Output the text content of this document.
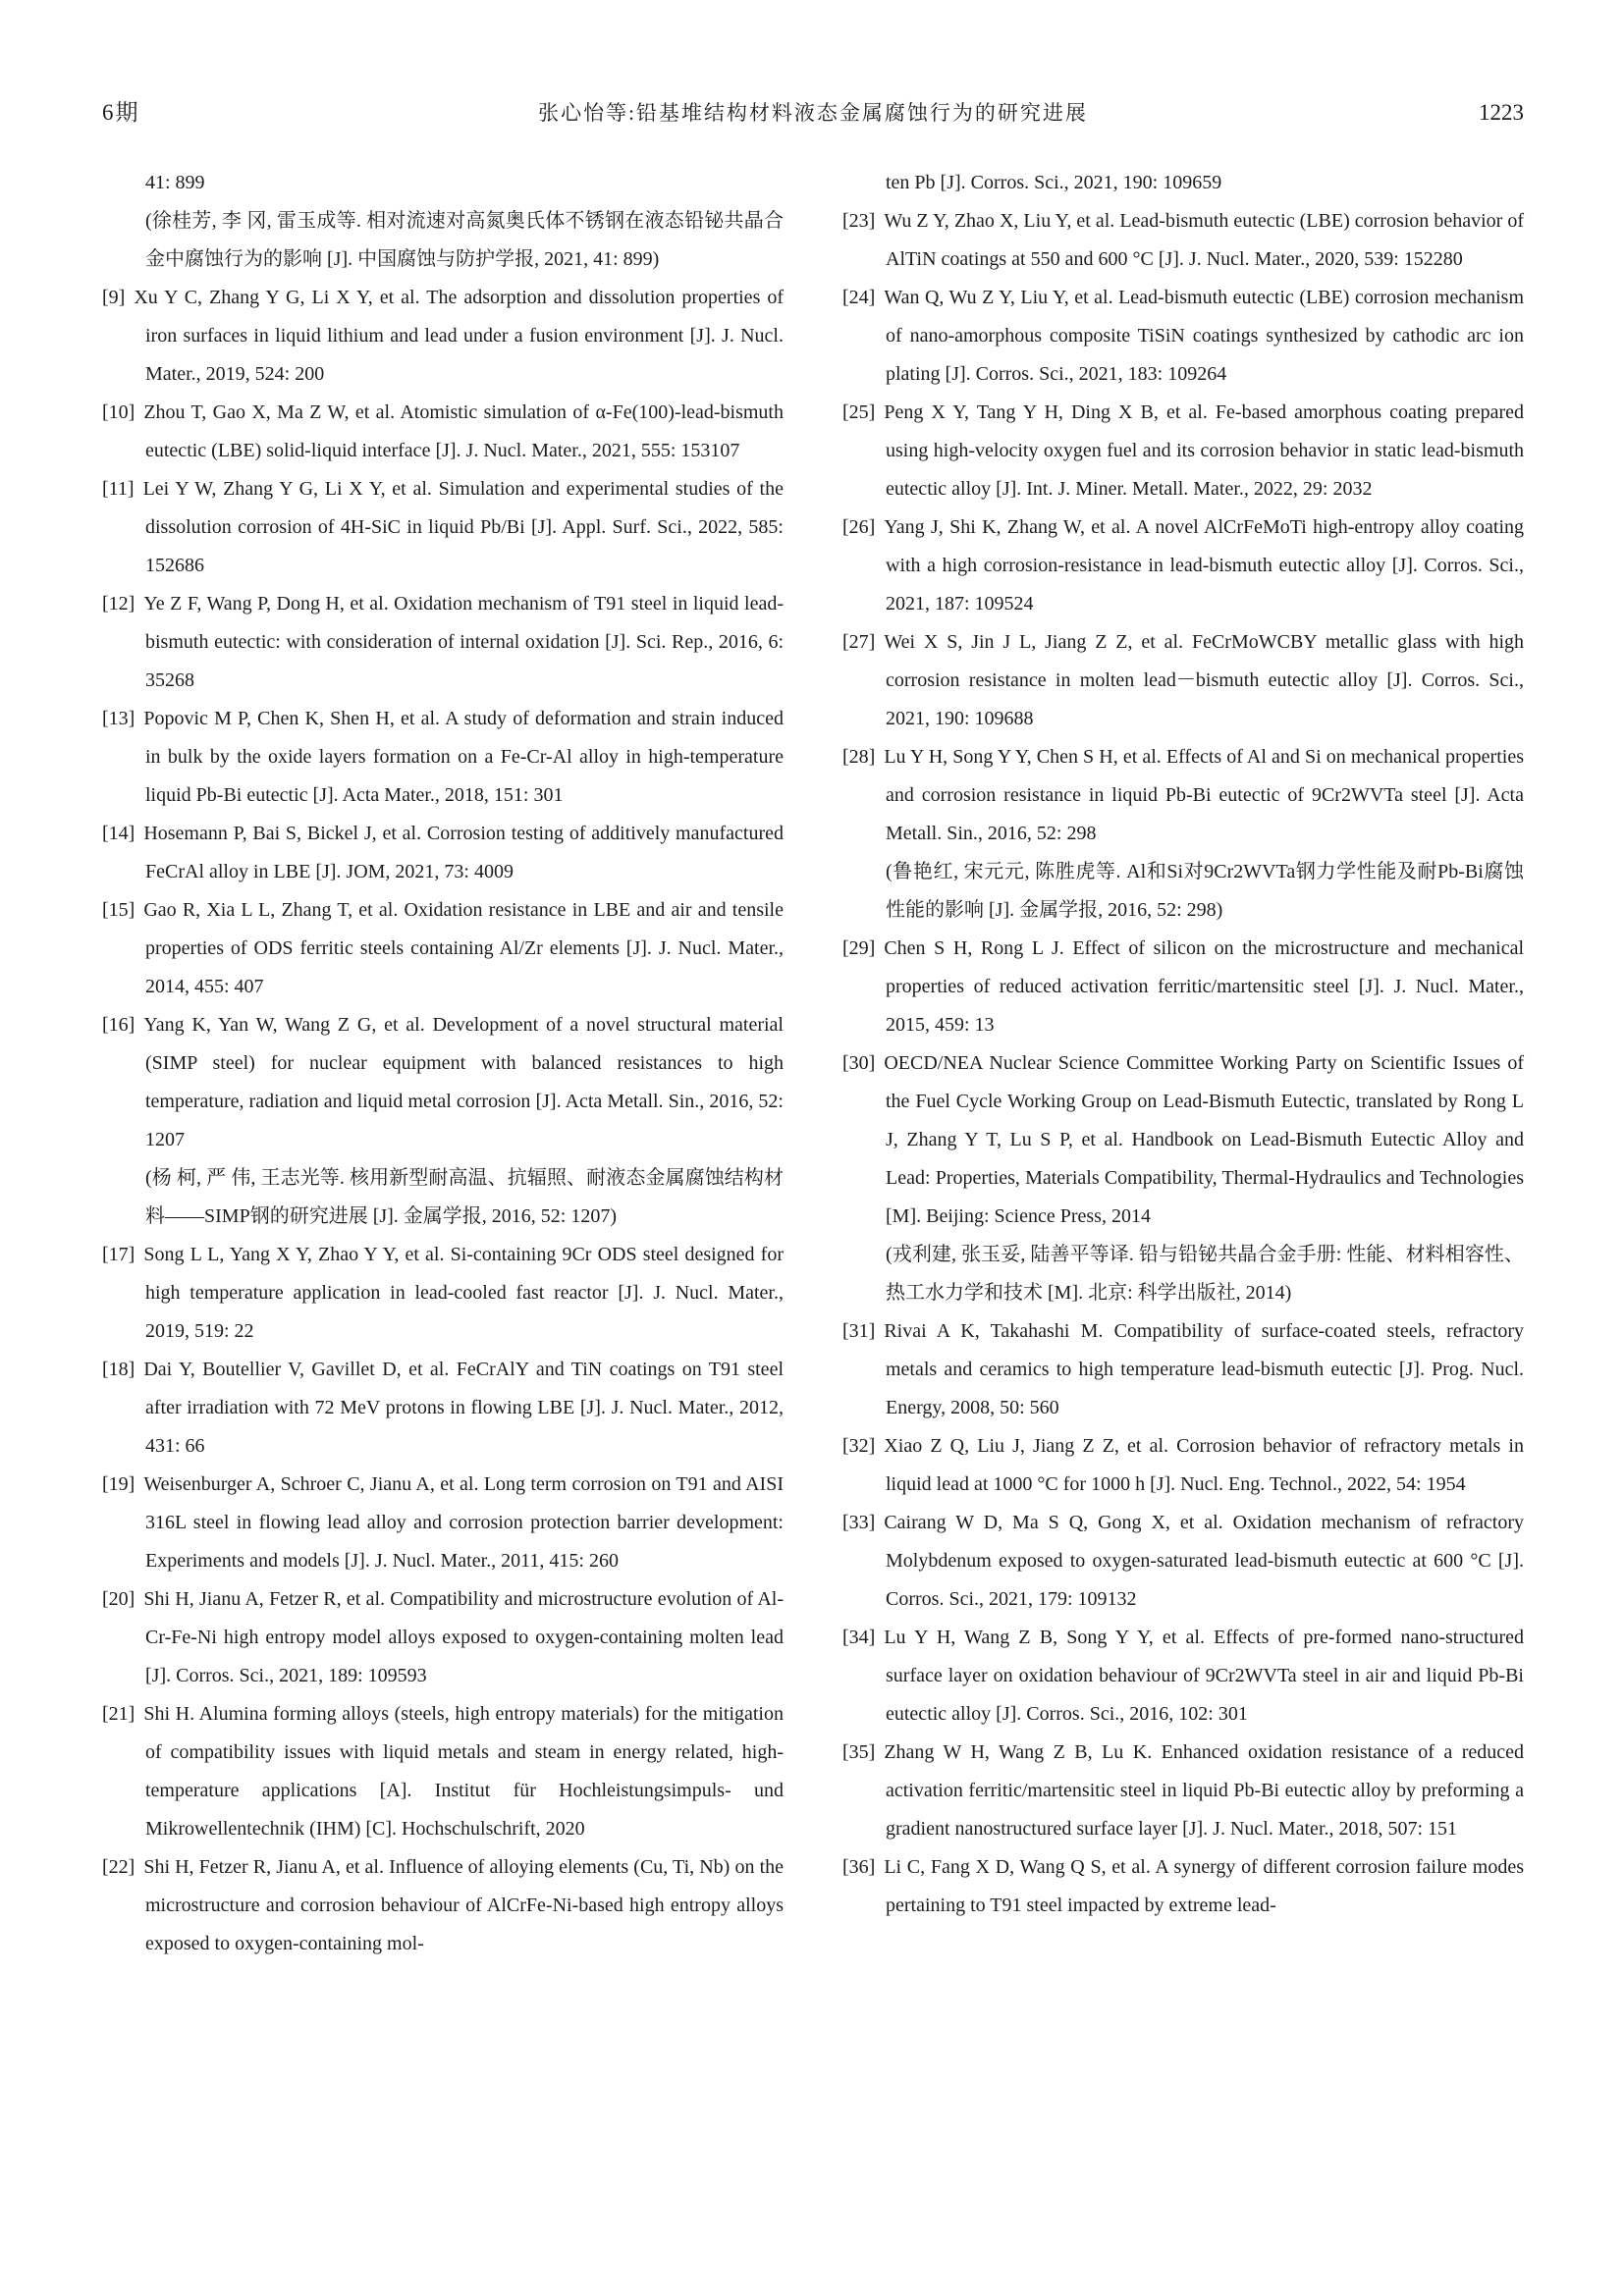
6期	张心怡等:铅基堆结构材料液态金属腐蚀行为的研究进展	1223

41: 899

(徐桂芳, 李 冈, 雷玉成等. 相对流速对高氮奥氏体不锈钢在液态铅铋共晶合金中腐蚀行为的影响 [J]. 中国腐蚀与防护学报, 2021, 41: 899)

[9] Xu Y C, Zhang Y G, Li X Y, et al. The adsorption and dissolution properties of iron surfaces in liquid lithium and lead under a fusion environment [J]. J. Nucl. Mater., 2019, 524: 200

[10] Zhou T, Gao X, Ma Z W, et al. Atomistic simulation of α-Fe(100)-lead-bismuth eutectic (LBE) solid-liquid interface [J]. J. Nucl. Mater., 2021, 555: 153107

[11] Lei Y W, Zhang Y G, Li X Y, et al. Simulation and experimental studies of the dissolution corrosion of 4H-SiC in liquid Pb/Bi [J]. Appl. Surf. Sci., 2022, 585: 152686

[12] Ye Z F, Wang P, Dong H, et al. Oxidation mechanism of T91 steel in liquid lead-bismuth eutectic: with consideration of internal oxidation [J]. Sci. Rep., 2016, 6: 35268

[13] Popovic M P, Chen K, Shen H, et al. A study of deformation and strain induced in bulk by the oxide layers formation on a Fe-Cr-Al alloy in high-temperature liquid Pb-Bi eutectic [J]. Acta Mater., 2018, 151: 301

[14] Hosemann P, Bai S, Bickel J, et al. Corrosion testing of additively manufactured FeCrAl alloy in LBE [J]. JOM, 2021, 73: 4009

[15] Gao R, Xia L L, Zhang T, et al. Oxidation resistance in LBE and air and tensile properties of ODS ferritic steels containing Al/Zr elements [J]. J. Nucl. Mater., 2014, 455: 407

[16] Yang K, Yan W, Wang Z G, et al. Development of a novel structural material (SIMP steel) for nuclear equipment with balanced resistances to high temperature, radiation and liquid metal corrosion [J]. Acta Metall. Sin., 2016, 52: 1207

(杨 柯, 严 伟, 王志光等. 核用新型耐高温、抗辐照、耐液态金属腐蚀结构材料——SIMP钢的研究进展 [J]. 金属学报, 2016, 52: 1207)

[17] Song L L, Yang X Y, Zhao Y Y, et al. Si-containing 9Cr ODS steel designed for high temperature application in lead-cooled fast reactor [J]. J. Nucl. Mater., 2019, 519: 22

[18] Dai Y, Boutellier V, Gavillet D, et al. FeCrAlY and TiN coatings on T91 steel after irradiation with 72 MeV protons in flowing LBE [J]. J. Nucl. Mater., 2012, 431: 66

[19] Weisenburger A, Schroer C, Jianu A, et al. Long term corrosion on T91 and AISI 316L steel in flowing lead alloy and corrosion protection barrier development: Experiments and models [J]. J. Nucl. Mater., 2011, 415: 260

[20] Shi H, Jianu A, Fetzer R, et al. Compatibility and microstructure evolution of Al-Cr-Fe-Ni high entropy model alloys exposed to oxygen-containing molten lead [J]. Corros. Sci., 2021, 189: 109593

[21] Shi H. Alumina forming alloys (steels, high entropy materials) for the mitigation of compatibility issues with liquid metals and steam in energy related, high-temperature applications [A]. Institut für Hochleistungsimpuls- und Mikrowellentechnik (IHM) [C]. Hochschulschrift, 2020

[22] Shi H, Fetzer R, Jianu A, et al. Influence of alloying elements (Cu, Ti, Nb) on the microstructure and corrosion behaviour of AlCrFe-Ni-based high entropy alloys exposed to oxygen-containing mol-

ten Pb [J]. Corros. Sci., 2021, 190: 109659

[23] Wu Z Y, Zhao X, Liu Y, et al. Lead-bismuth eutectic (LBE) corrosion behavior of AlTiN coatings at 550 and 600 °C [J]. J. Nucl. Mater., 2020, 539: 152280

[24] Wan Q, Wu Z Y, Liu Y, et al. Lead-bismuth eutectic (LBE) corrosion mechanism of nano-amorphous composite TiSiN coatings synthesized by cathodic arc ion plating [J]. Corros. Sci., 2021, 183: 109264

[25] Peng X Y, Tang Y H, Ding X B, et al. Fe-based amorphous coating prepared using high-velocity oxygen fuel and its corrosion behavior in static lead-bismuth eutectic alloy [J]. Int. J. Miner. Metall. Mater., 2022, 29: 2032

[26] Yang J, Shi K, Zhang W, et al. A novel AlCrFeMoTi high-entropy alloy coating with a high corrosion-resistance in lead-bismuth eutectic alloy [J]. Corros. Sci., 2021, 187: 109524

[27] Wei X S, Jin J L, Jiang Z Z, et al. FeCrMoWCBY metallic glass with high corrosion resistance in molten lead－bismuth eutectic alloy [J]. Corros. Sci., 2021, 190: 109688

[28] Lu Y H, Song Y Y, Chen S H, et al. Effects of Al and Si on mechanical properties and corrosion resistance in liquid Pb-Bi eutectic of 9Cr2WVTa steel [J]. Acta Metall. Sin., 2016, 52: 298

(鲁艳红, 宋元元, 陈胜虎等. Al和Si对9Cr2WVTa钢力学性能及耐Pb-Bi腐蚀性能的影响 [J]. 金属学报, 2016, 52: 298)

[29] Chen S H, Rong L J. Effect of silicon on the microstructure and mechanical properties of reduced activation ferritic/martensitic steel [J]. J. Nucl. Mater., 2015, 459: 13

[30] OECD/NEA Nuclear Science Committee Working Party on Scientific Issues of the Fuel Cycle Working Group on Lead-Bismuth Eutectic, translated by Rong L J, Zhang Y T, Lu S P, et al. Handbook on Lead-Bismuth Eutectic Alloy and Lead: Properties, Materials Compatibility, Thermal-Hydraulics and Technologies [M]. Beijing: Science Press, 2014

(戎利建, 张玉妥, 陆善平等译. 铅与铅铋共晶合金手册: 性能、材料相容性、热工水力学和技术 [M]. 北京: 科学出版社, 2014)

[31] Rivai A K, Takahashi M. Compatibility of surface-coated steels, refractory metals and ceramics to high temperature lead-bismuth eutectic [J]. Prog. Nucl. Energy, 2008, 50: 560

[32] Xiao Z Q, Liu J, Jiang Z Z, et al. Corrosion behavior of refractory metals in liquid lead at 1000 °C for 1000 h [J]. Nucl. Eng. Technol., 2022, 54: 1954

[33] Cairang W D, Ma S Q, Gong X, et al. Oxidation mechanism of refractory Molybdenum exposed to oxygen-saturated lead-bismuth eutectic at 600 °C [J]. Corros. Sci., 2021, 179: 109132

[34] Lu Y H, Wang Z B, Song Y Y, et al. Effects of pre-formed nano-structured surface layer on oxidation behaviour of 9Cr2WVTa steel in air and liquid Pb-Bi eutectic alloy [J]. Corros. Sci., 2016, 102: 301

[35] Zhang W H, Wang Z B, Lu K. Enhanced oxidation resistance of a reduced activation ferritic/martensitic steel in liquid Pb-Bi eutectic alloy by preforming a gradient nanostructured surface layer [J]. J. Nucl. Mater., 2018, 507: 151

[36] Li C, Fang X D, Wang Q S, et al. A synergy of different corrosion failure modes pertaining to T91 steel impacted by extreme lead-
